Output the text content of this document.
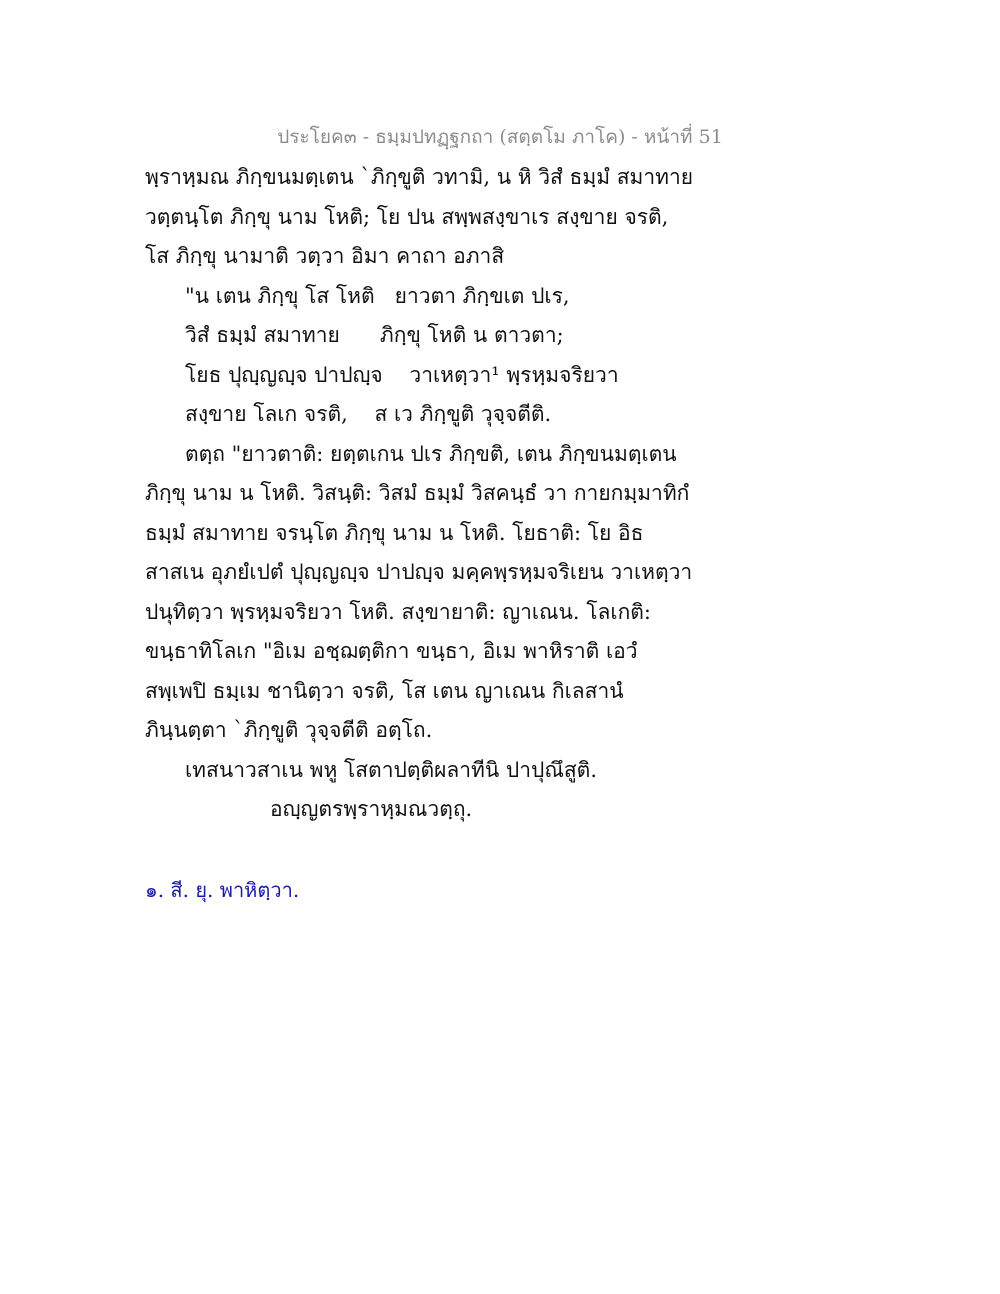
ประโยค๓ - ธมฺมปทฏฺฐกถา (สตฺตโม ภาโค) - หน้าที่ 51
พฺราหฺมณ ภิกฺขนมตฺเตน `ภิกฺขูติ วทามิ, น หิ วิสํ ธมฺมํ สมาทาย
วตฺตนฺโต ภิกฺขุ นาม โหติ; โย ปน สพฺพสงฺขาเร สงฺขาย จรติ,
โส ภิกฺขุ นามาติ วตฺวา อิมา คาถา อภาสิ
"น เตน ภิกฺขุ โส โหติ   ยาวตา ภิกฺขเต ปเร,
วิสํ ธมฺมํ สมาทาย      ภิกฺขุ โหติ น ตาวตา;
โยธ ปุญฺญญฺจ ปาปญฺจ    วาเหตฺวา¹ พฺรหฺมจริยวา
สงฺขาย โลเก จรติ,    ส เว ภิกฺขูติ วุจฺจตีติ.
ตตฺถ "ยาวตาติ: ยตฺตเกน ปเร ภิกฺขติ, เตน ภิกฺขนมตฺเตน
ภิกฺขุ นาม น โหติ. วิสนฺติ: วิสมํ ธมฺมํ วิสคนฺธํ วา กายกมฺมาทิกํ
ธมฺมํ สมาทาย จรนฺโต ภิกฺขุ นาม น โหติ. โยธาติ: โย อิธ
สาสเน อุภยํเปตํ ปุญฺญญฺจ ปาปญฺจ มคฺคพฺรหฺมจริเยน วาเหตฺวา
ปนุทิตฺวา พฺรหฺมจริยวา โหติ. สงฺขายาติ: ญาเณน. โลเกติ:
ขนฺธาทิโลเก "อิเม อชฺฌตฺติกา ขนฺธา, อิเม พาหิราติ เอวํ
สพฺเพปิ ธมฺเม ชานิตฺวา จรติ, โส เตน ญาเณน กิเลสานํ
ภินฺนตฺตา `ภิกฺขูติ วุจฺจตีติ อตฺโถ.
เทสนาวสาเน พหู โสตาปตฺติผลาทีนิ ปาปุณึสูติ.
อญฺญตรพฺราหฺมณวตฺถุ.
๑. สี. ยุ. พาหิตฺวา.
